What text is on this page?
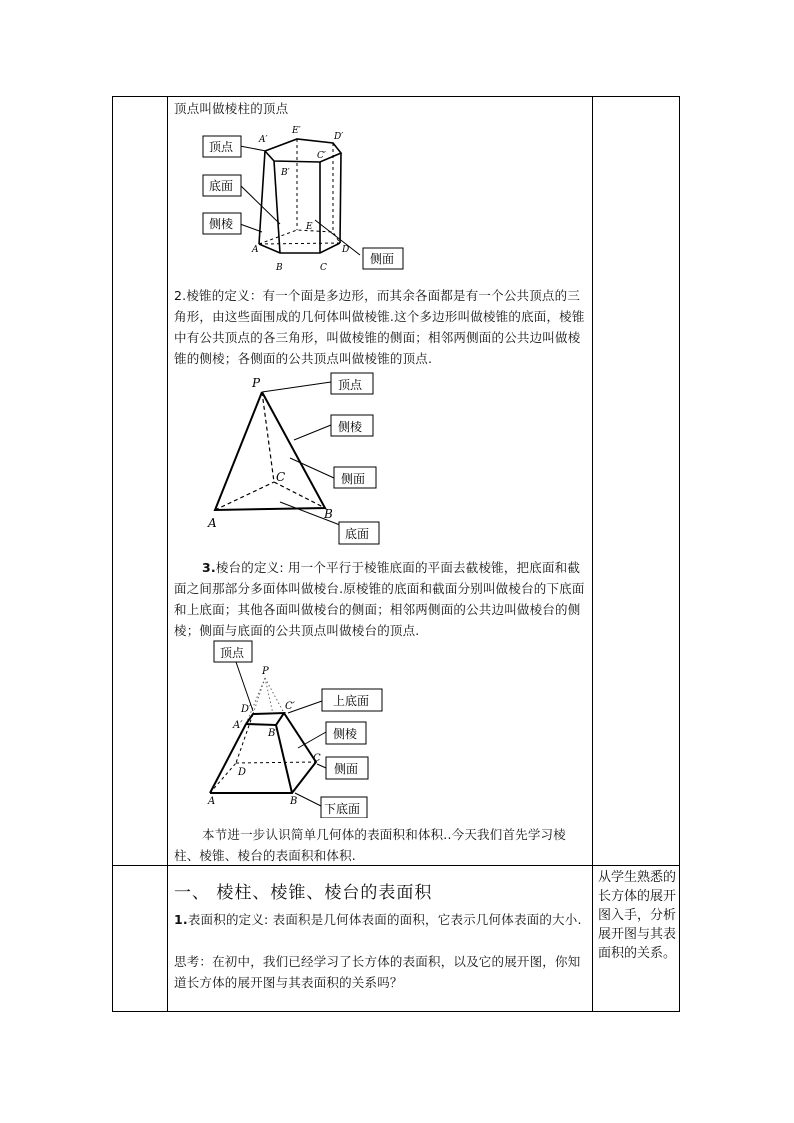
顶点叫做棱柱的顶点
顶点
底面
侧棱
侧面
A′
E′
D′
C′
B′
A
B	C
D
E
2.棱锥的定义：有一个面是多边形，而其余各面都是有一个公共顶点的三角形，由这些面围成的几何体叫做棱锥.这个多边形叫做棱锥的底面，棱锥中有公共顶点的各三角形，叫做棱锥的侧面；相邻两侧面的公共边叫做棱锥的侧棱；各侧面的公共顶点叫做棱锥的顶点.
顶点
侧棱
侧面
底面
P
A
B
C
3.棱台的定义: 用一个平行于棱锥底面的平面去截棱锥，把底面和截面之间那部分多面体叫做棱台.原棱锥的底面和截面分别叫做棱台的下底面和上底面；其他各面叫做棱台的侧面；相邻两侧面的公共边叫做棱台的侧棱；侧面与底面的公共顶点叫做棱台的顶点.
顶点
上底面
侧棱
侧面
下底面
P
D′	C′
A′
B′
A	B
C
D
本节进一步认识简单几何体的表面积和体积..今天我们首先学习棱柱、棱锥、棱台的表面积和体积.
一、 棱柱、棱锥、棱台的表面积
1.表面积的定义: 表面积是几何体表面的面积，它表示几何体表面的大小.
思考：在初中，我们已经学习了长方体的表面积，以及它的展开图，你知道长方体的展开图与其表面积的关系吗？
从学生熟悉的长方体的展开图入手，分析展开图与其表面积的关系。
